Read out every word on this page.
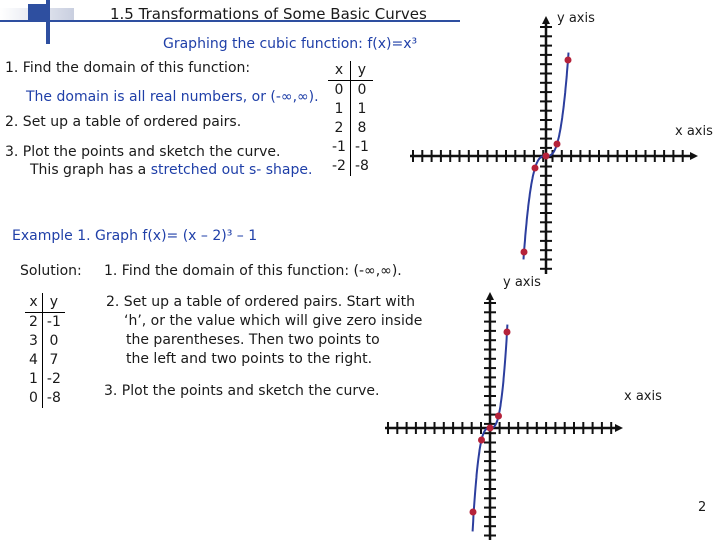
1.5 Transformations of Some Basic Curves
Graphing the cubic function: f(x)=x³
1. Find the domain of this function:
The domain is all real numbers, or (-∞,∞).
2. Set up a table of ordered pairs.
3. Plot the points and sketch the curve.
This graph has a stretched out s- shape.
x	y
0	0
1	1
2	8
-1	-1
-2	-8
y axis
x axis
Example 1. Graph f(x)= (x – 2)³ – 1
Solution: 1. Find the domain of this function: (-∞,∞).
2. Set up a table of ordered pairs. Start with
‘h’, or the value which will give zero inside
the parentheses. Then two points to
the left and two points to the right.
3. Plot the points and sketch the curve.
x	y
2	-1
3	0
4	7
1	-2
0	-8
y axis
x axis
2
